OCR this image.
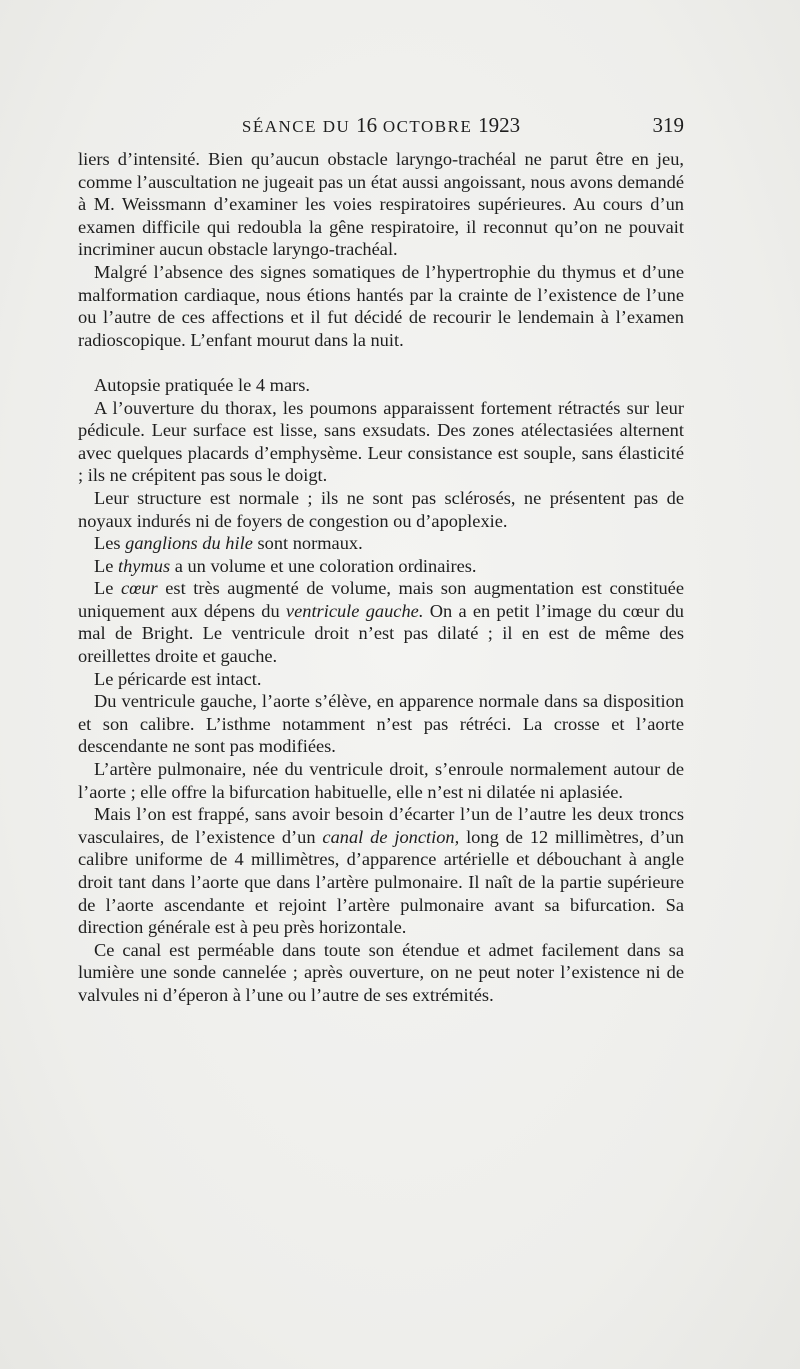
SÉANCE DU 16 OCTOBRE 1923	319

liers d’intensité. Bien qu’aucun obstacle laryngo-trachéal ne parut être en jeu, comme l’auscultation ne jugeait pas un état aussi angoissant, nous avons demandé à M. Weissmann d’examiner les voies respiratoires supérieures. Au cours d’un examen difficile qui redoubla la gêne respiratoire, il reconnut qu’on ne pouvait incriminer aucun obstacle laryngo-trachéal.

Malgré l’absence des signes somatiques de l’hypertrophie du thymus et d’une malformation cardiaque, nous étions hantés par la crainte de l’existence de l’une ou l’autre de ces affections et il fut décidé de recourir le lendemain à l’examen radioscopique. L’enfant mourut dans la nuit.

Autopsie pratiquée le 4 mars.

A l’ouverture du thorax, les poumons apparaissent fortement rétractés sur leur pédicule. Leur surface est lisse, sans exsudats. Des zones atélectasiées alternent avec quelques placards d’emphysème. Leur consistance est souple, sans élasticité ; ils ne crépitent pas sous le doigt.

Leur structure est normale ; ils ne sont pas sclérosés, ne présentent pas de noyaux indurés ni de foyers de congestion ou d’apoplexie.

Les ganglions du hile sont normaux.

Le thymus a un volume et une coloration ordinaires.

Le cœur est très augmenté de volume, mais son augmentation est constituée uniquement aux dépens du ventricule gauche. On a en petit l’image du cœur du mal de Bright. Le ventricule droit n’est pas dilaté ; il en est de même des oreillettes droite et gauche.

Le péricarde est intact.

Du ventricule gauche, l’aorte s’élève, en apparence normale dans sa disposition et son calibre. L’isthme notamment n’est pas rétréci. La crosse et l’aorte descendante ne sont pas modifiées.

L’artère pulmonaire, née du ventricule droit, s’enroule normalement autour de l’aorte ; elle offre la bifurcation habituelle, elle n’est ni dilatée ni aplasiée.

Mais l’on est frappé, sans avoir besoin d’écarter l’un de l’autre les deux troncs vasculaires, de l’existence d’un canal de jonction, long de 12 millimètres, d’un calibre uniforme de 4 millimètres, d’apparence artérielle et débouchant à angle droit tant dans l’aorte que dans l’artère pulmonaire. Il naît de la partie supérieure de l’aorte ascendante et rejoint l’artère pulmonaire avant sa bifurcation. Sa direction générale est à peu près horizontale.

Ce canal est perméable dans toute son étendue et admet facilement dans sa lumière une sonde cannelée ; après ouverture, on ne peut noter l’existence ni de valvules ni d’éperon à l’une ou l’autre de ses extrémités.
